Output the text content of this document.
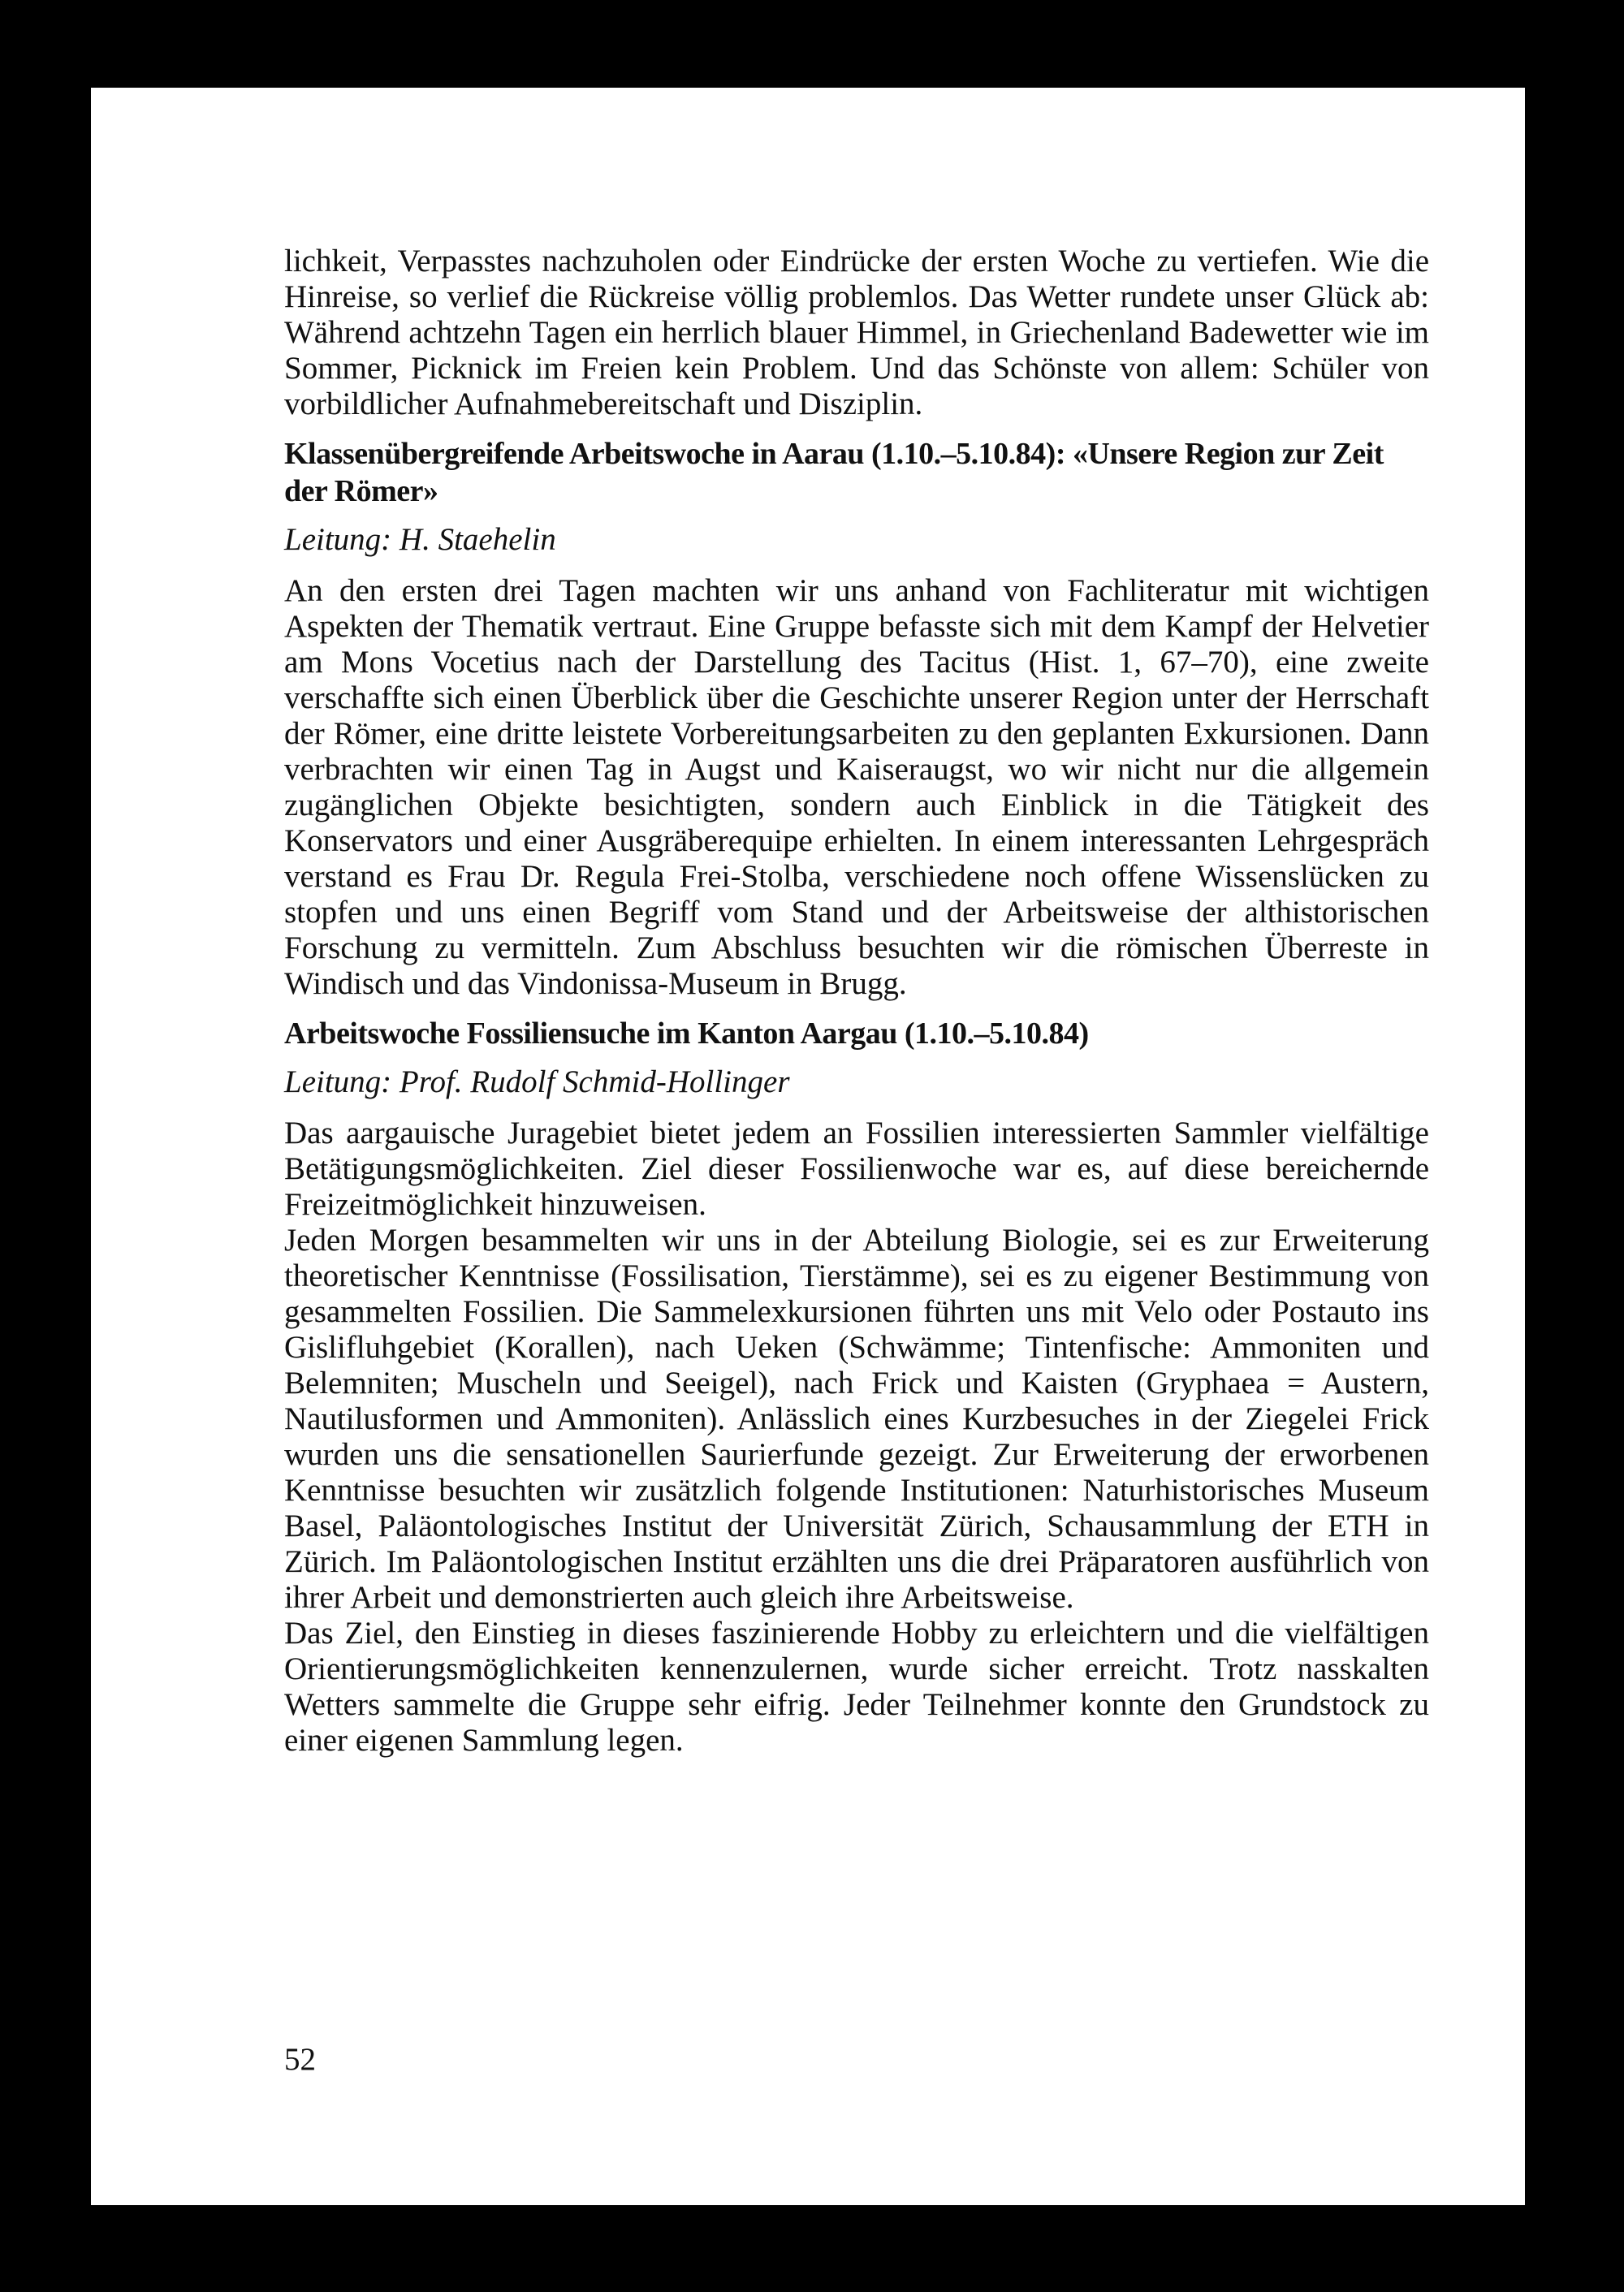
lichkeit, Verpasstes nachzuholen oder Eindrücke der ersten Woche zu vertiefen. Wie die Hinreise, so verlief die Rückreise völlig problemlos. Das Wetter rundete unser Glück ab: Während achtzehn Tagen ein herrlich blauer Himmel, in Griechenland Badewetter wie im Sommer, Picknick im Freien kein Problem. Und das Schönste von allem: Schüler von vorbildlicher Aufnahmebereitschaft und Disziplin.

Klassenübergreifende Arbeitswoche in Aarau (1.10.–5.10.84): «Unsere Region zur Zeit der Römer»
Leitung: H. Staehelin

An den ersten drei Tagen machten wir uns anhand von Fachliteratur mit wichtigen Aspekten der Thematik vertraut. Eine Gruppe befasste sich mit dem Kampf der Helvetier am Mons Vocetius nach der Darstellung des Tacitus (Hist. 1, 67–70), eine zweite verschaffte sich einen Überblick über die Geschichte unserer Region unter der Herrschaft der Römer, eine dritte leistete Vorbereitungsarbeiten zu den geplanten Exkursionen. Dann verbrachten wir einen Tag in Augst und Kaiseraugst, wo wir nicht nur die allgemein zugänglichen Objekte besichtigten, sondern auch Einblick in die Tätigkeit des Konservators und einer Ausgräberequipe erhielten. In einem interessanten Lehrgespräch verstand es Frau Dr. Regula Frei-Stolba, verschiedene noch offene Wissenslücken zu stopfen und uns einen Begriff vom Stand und der Arbeitsweise der althistorischen Forschung zu vermitteln. Zum Abschluss besuchten wir die römischen Überreste in Windisch und das Vindonissa-Museum in Brugg.

Arbeitswoche Fossiliensuche im Kanton Aargau (1.10.–5.10.84)
Leitung: Prof. Rudolf Schmid-Hollinger

Das aargauische Juragebiet bietet jedem an Fossilien interessierten Sammler vielfältige Betätigungsmöglichkeiten. Ziel dieser Fossilienwoche war es, auf diese bereichernde Freizeitmöglichkeit hinzuweisen.

Jeden Morgen besammelten wir uns in der Abteilung Biologie, sei es zur Erweiterung theoretischer Kenntnisse (Fossilisation, Tierstämme), sei es zu eigener Bestimmung von gesammelten Fossilien. Die Sammelexkursionen führten uns mit Velo oder Postauto ins Gislifluhgebiet (Korallen), nach Ueken (Schwämme; Tintenfische: Ammoniten und Belemniten; Muscheln und Seeigel), nach Frick und Kaisten (Gryphaea = Austern, Nautilusformen und Ammoniten). Anlässlich eines Kurzbesuches in der Ziegelei Frick wurden uns die sensationellen Saurierfunde gezeigt. Zur Erweiterung der erworbenen Kenntnisse besuchten wir zusätzlich folgende Institutionen: Naturhistorisches Museum Basel, Paläontologisches Institut der Universität Zürich, Schausammlung der ETH in Zürich. Im Paläontologischen Institut erzählten uns die drei Präparatoren ausführlich von ihrer Arbeit und demonstrierten auch gleich ihre Arbeitsweise.

Das Ziel, den Einstieg in dieses faszinierende Hobby zu erleichtern und die vielfältigen Orientierungsmöglichkeiten kennenzulernen, wurde sicher erreicht. Trotz nasskalten Wetters sammelte die Gruppe sehr eifrig. Jeder Teilnehmer konnte den Grundstock zu einer eigenen Sammlung legen.

52
